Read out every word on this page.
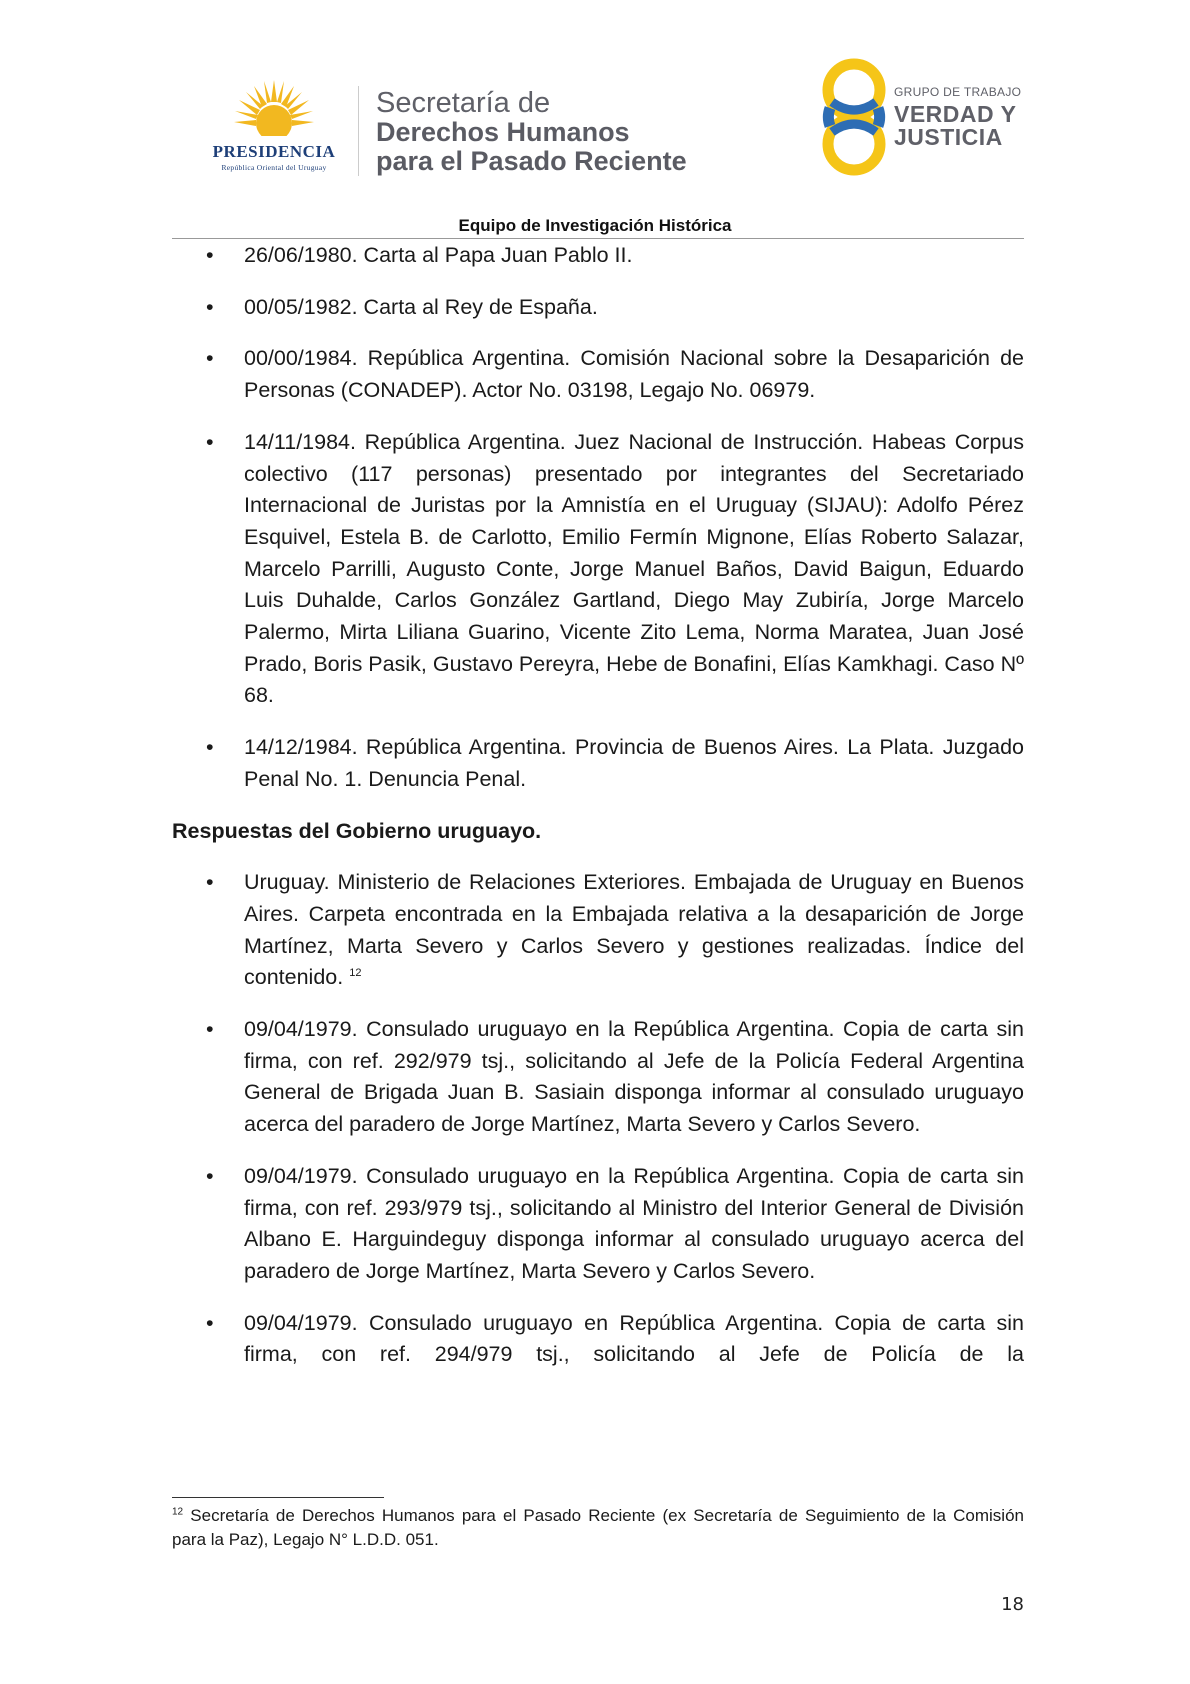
PRESIDENCIA
República Oriental del Uruguay
Secretaría de
Derechos Humanos
para el Pasado Reciente
GRUPO DE TRABAJO
VERDAD Y
JUSTICIA
Equipo de Investigación Histórica
• 26/06/1980. Carta al Papa Juan Pablo II.
• 00/05/1982. Carta al Rey de España.
• 00/00/1984. República Argentina. Comisión Nacional sobre la Desaparición de Personas (CONADEP). Actor No. 03198, Legajo No. 06979.
• 14/11/1984. República Argentina. Juez Nacional de Instrucción. Habeas Corpus colectivo (117 personas) presentado por integrantes del Secretariado Internacional de Juristas por la Amnistía en el Uruguay (SIJAU): Adolfo Pérez Esquivel, Estela B. de Carlotto, Emilio Fermín Mignone, Elías Roberto Salazar, Marcelo Parrilli, Augusto Conte, Jorge Manuel Baños, David Baigun, Eduardo Luis Duhalde, Carlos González Gartland, Diego May Zubiría, Jorge Marcelo Palermo, Mirta Liliana Guarino, Vicente Zito Lema, Norma Maratea, Juan José Prado, Boris Pasik, Gustavo Pereyra, Hebe de Bonafini, Elías Kamkhagi. Caso Nº 68.
• 14/12/1984. República Argentina. Provincia de Buenos Aires. La Plata. Juzgado Penal No. 1. Denuncia Penal.
Respuestas del Gobierno uruguayo.
• Uruguay. Ministerio de Relaciones Exteriores. Embajada de Uruguay en Buenos Aires. Carpeta encontrada en la Embajada relativa a la desaparición de Jorge Martínez, Marta Severo y Carlos Severo y gestiones realizadas. Índice del contenido. $^{12}$
• 09/04/1979. Consulado uruguayo en la República Argentina. Copia de carta sin firma, con ref. 292/979 tsj., solicitando al Jefe de la Policía Federal Argentina General de Brigada Juan B. Sasiain disponga informar al consulado uruguayo acerca del paradero de Jorge Martínez, Marta Severo y Carlos Severo.
• 09/04/1979. Consulado uruguayo en la República Argentina. Copia de carta sin firma, con ref. 293/979 tsj., solicitando al Ministro del Interior General de División Albano E. Harguindeguy disponga informar al consulado uruguayo acerca del paradero de Jorge Martínez, Marta Severo y Carlos Severo.
• 09/04/1979. Consulado uruguayo en República Argentina. Copia de carta sin firma, con ref. 294/979 tsj., solicitando al Jefe de Policía de la
$^{12}$ Secretaría de Derechos Humanos para el Pasado Reciente (ex Secretaría de Seguimiento de la Comisión para la Paz), Legajo N° L.D.D. 051.
18
